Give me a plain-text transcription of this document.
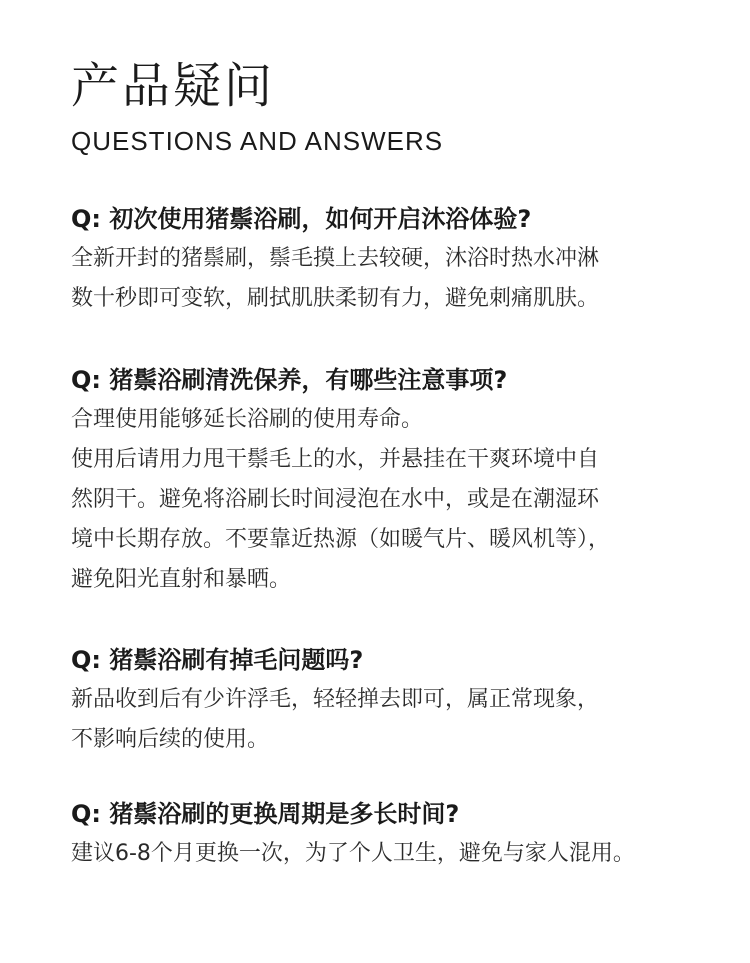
产品疑问
QUESTIONS AND ANSWERS

Q: 初次使用猪鬃浴刷，如何开启沐浴体验?

全新开封的猪鬃刷，鬃毛摸上去较硬，沐浴时热水冲淋

数十秒即可变软，刷拭肌肤柔韧有力，避免刺痛肌肤。

Q: 猪鬃浴刷清洗保养，有哪些注意事项?

合理使用能够延长浴刷的使用寿命。

使用后请用力甩干鬃毛上的水，并悬挂在干爽环境中自

然阴干。避免将浴刷长时间浸泡在水中，或是在潮湿环

境中长期存放。不要靠近热源（如暖气片、暖风机等），

避免阳光直射和暴晒。

Q: 猪鬃浴刷有掉毛问题吗?

新品收到后有少许浮毛，轻轻掸去即可，属正常现象，

不影响后续的使用。

Q: 猪鬃浴刷的更换周期是多长时间?

建议6-8个月更换一次，为了个人卫生，避免与家人混用。
